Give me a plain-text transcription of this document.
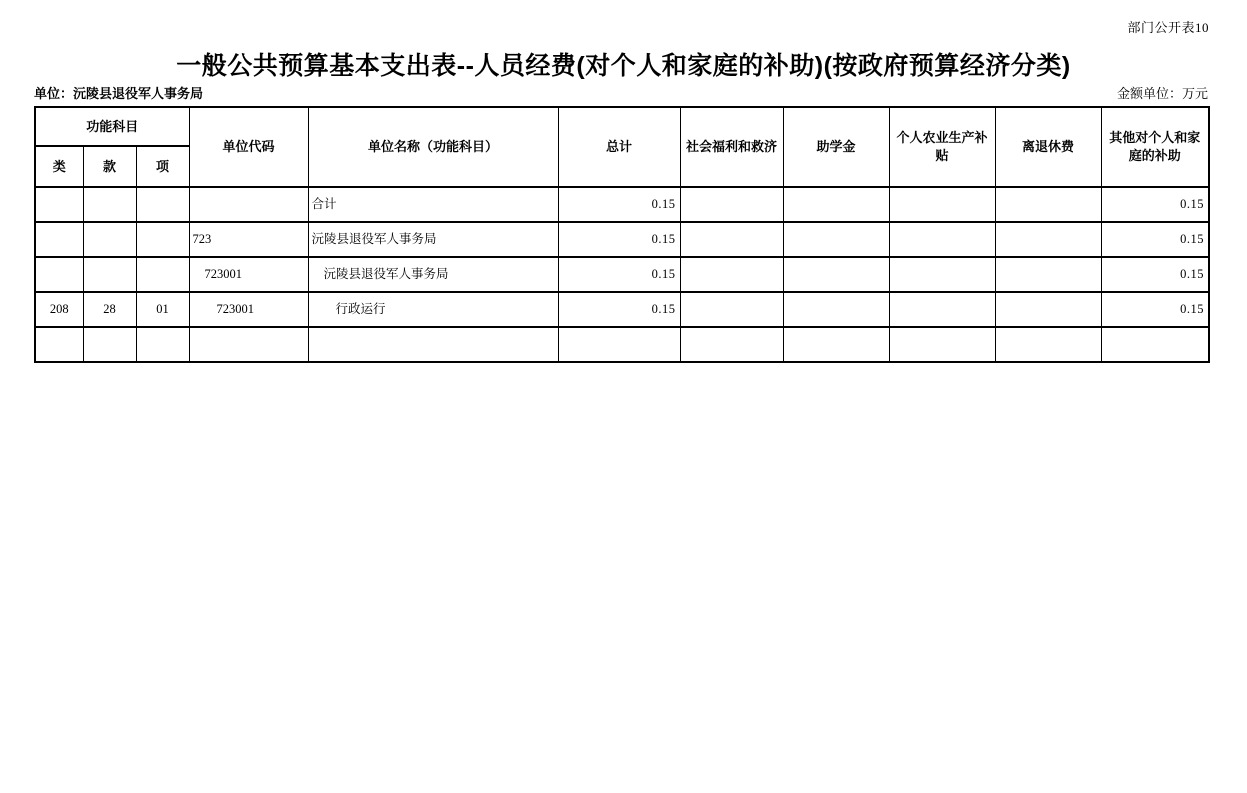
部门公开表10
一般公共预算基本支出表--人员经费(对个人和家庭的补助)(按政府预算经济分类)
单位：沅陵县退役军人事务局	金额单位：万元
功能科目			单位代码	单位名称（功能科目）	总计	社会福利和救济	助学金	个人农业生产补贴	离退休费	其他对个人和家庭的补助
类	款	项								
				合计	0.15					0.15
			723	沅陵县退役军人事务局	0.15					0.15
			723001	沅陵县退役军人事务局	0.15					0.15
208	28	01	723001	行政运行	0.15					0.15
